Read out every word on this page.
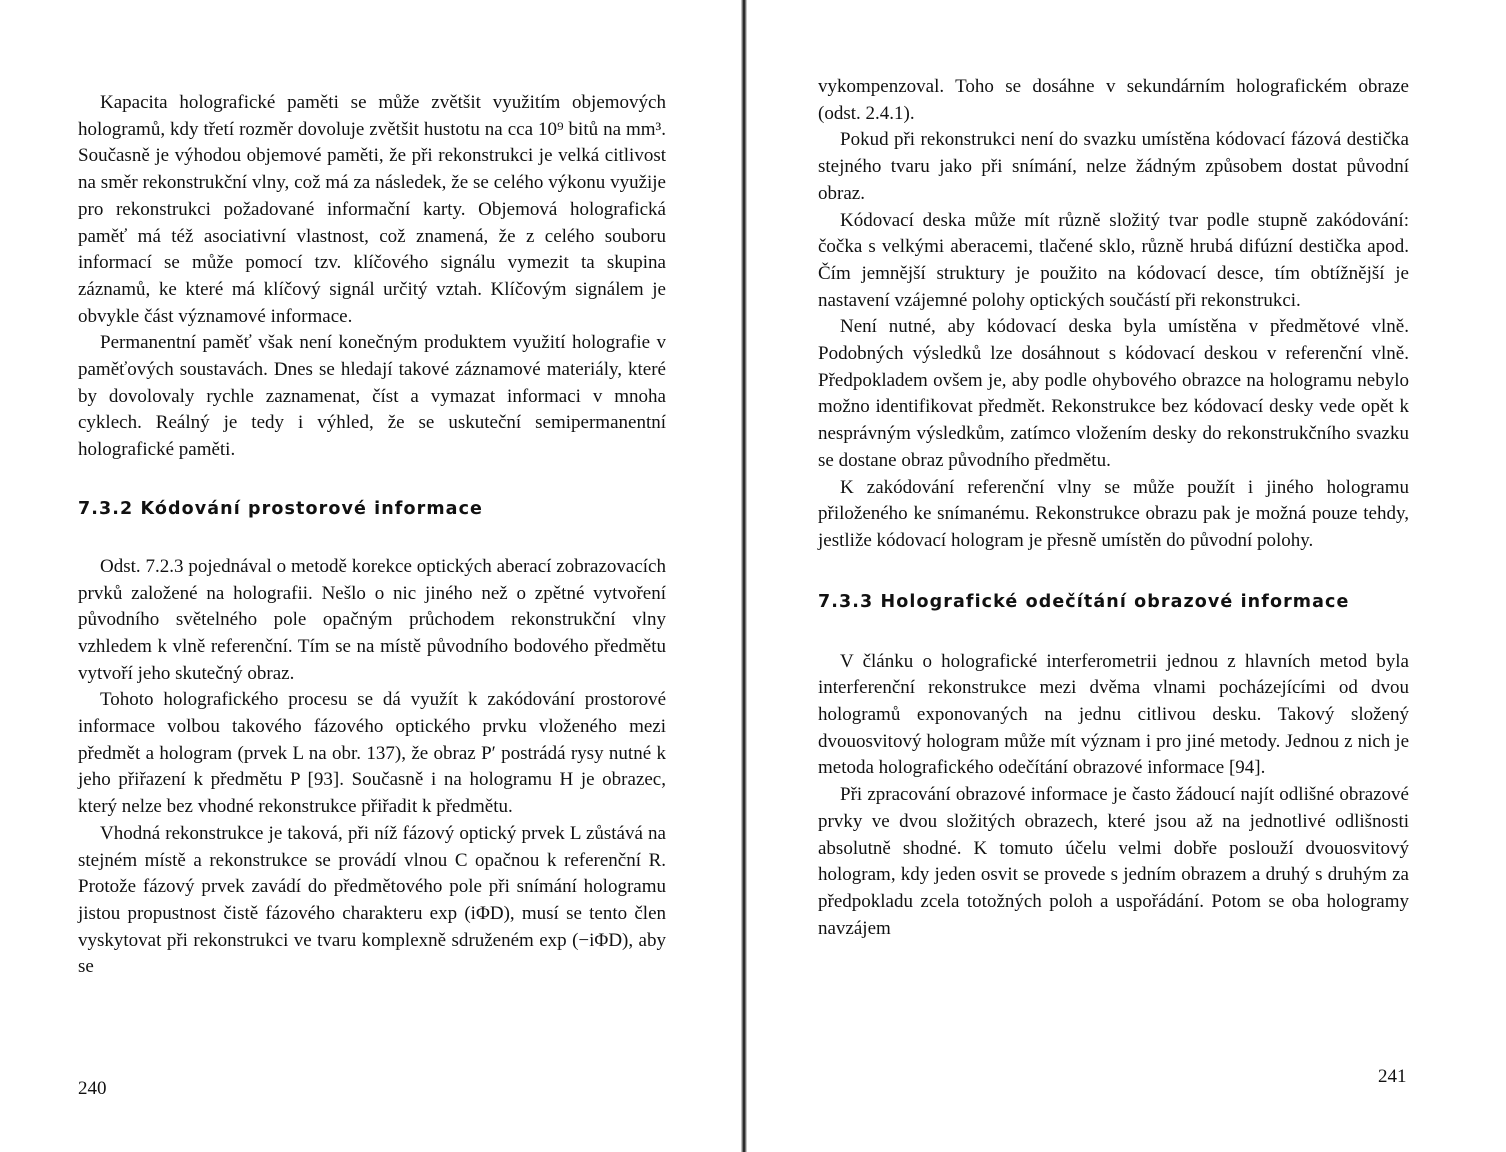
Kapacita holografické paměti se může zvětšit využitím objemových hologramů, kdy třetí rozměr dovoluje zvětšit hustotu na cca 10⁹ bitů na mm³. Současně je výhodou objemové paměti, že při rekonstrukci je velká citlivost na směr rekonstrukční vlny, což má za následek, že se celého výkonu využije pro rekonstrukci požadované informační karty. Objemová holografická paměť má též asociativní vlastnost, což znamená, že z celého souboru informací se může pomocí tzv. klíčového signálu vymezit ta skupina záznamů, ke které má klíčový signál určitý vztah. Klíčovým signálem je obvykle část významové informace.

Permanentní paměť však není konečným produktem využití holografie v paměťových soustavách. Dnes se hledají takové záznamové materiály, které by dovolovaly rychle zaznamenat, číst a vymazat informaci v mnoha cyklech. Reálný je tedy i výhled, že se uskuteční semipermanentní holografické paměti.

7.3.2 Kódování prostorové informace

Odst. 7.2.3 pojednával o metodě korekce optických aberací zobrazovacích prvků založené na holografii. Nešlo o nic jiného než o zpětné vytvoření původního světelného pole opačným průchodem rekonstrukční vlny vzhledem k vlně referenční. Tím se na místě původního bodového předmětu vytvoří jeho skutečný obraz.

Tohoto holografického procesu se dá využít k zakódování prostorové informace volbou takového fázového optického prvku vloženého mezi předmět a hologram (prvek L na obr. 137), že obraz P′ postrádá rysy nutné k jeho přiřazení k předmětu P [93]. Současně i na hologramu H je obrazec, který nelze bez vhodné rekonstrukce přiřadit k předmětu.

Vhodná rekonstrukce je taková, při níž fázový optický prvek L zůstává na stejném místě a rekonstrukce se provádí vlnou C opačnou k referenční R. Protože fázový prvek zavádí do předmětového pole při snímání hologramu jistou propustnost čistě fázového charakteru exp (iΦD), musí se tento člen vyskytovat při rekonstrukci ve tvaru komplexně sdruženém exp (−iΦD), aby se

240

vykompenzoval. Toho se dosáhne v sekundárním holografickém obraze (odst. 2.4.1).

Pokud při rekonstrukci není do svazku umístěna kódovací fázová destička stejného tvaru jako při snímání, nelze žádným způsobem dostat původní obraz.

Kódovací deska může mít různě složitý tvar podle stupně zakódování: čočka s velkými aberacemi, tlačené sklo, různě hrubá difúzní destička apod. Čím jemnější struktury je použito na kódovací desce, tím obtížnější je nastavení vzájemné polohy optických součástí při rekonstrukci.

Není nutné, aby kódovací deska byla umístěna v předmětové vlně. Podobných výsledků lze dosáhnout s kódovací deskou v referenční vlně. Předpokladem ovšem je, aby podle ohybového obrazce na hologramu nebylo možno identifikovat předmět. Rekonstrukce bez kódovací desky vede opět k nesprávným výsledkům, zatímco vložením desky do rekonstrukčního svazku se dostane obraz původního předmětu.

K zakódování referenční vlny se může použít i jiného hologramu přiloženého ke snímanému. Rekonstrukce obrazu pak je možná pouze tehdy, jestliže kódovací hologram je přesně umístěn do původní polohy.

7.3.3 Holografické odečítání obrazové informace

V článku o holografické interferometrii jednou z hlavních metod byla interferenční rekonstrukce mezi dvěma vlnami pocházejícími od dvou hologramů exponovaných na jednu citlivou desku. Takový složený dvouosvitový hologram může mít význam i pro jiné metody. Jednou z nich je metoda holografického odečítání obrazové informace [94].

Při zpracování obrazové informace je často žádoucí najít odlišné obrazové prvky ve dvou složitých obrazech, které jsou až na jednotlivé odlišnosti absolutně shodné. K tomuto účelu velmi dobře poslouží dvouosvitový hologram, kdy jeden osvit se provede s jedním obrazem a druhý s druhým za předpokladu zcela totožných poloh a uspořádání. Potom se oba hologramy navzájem

241
